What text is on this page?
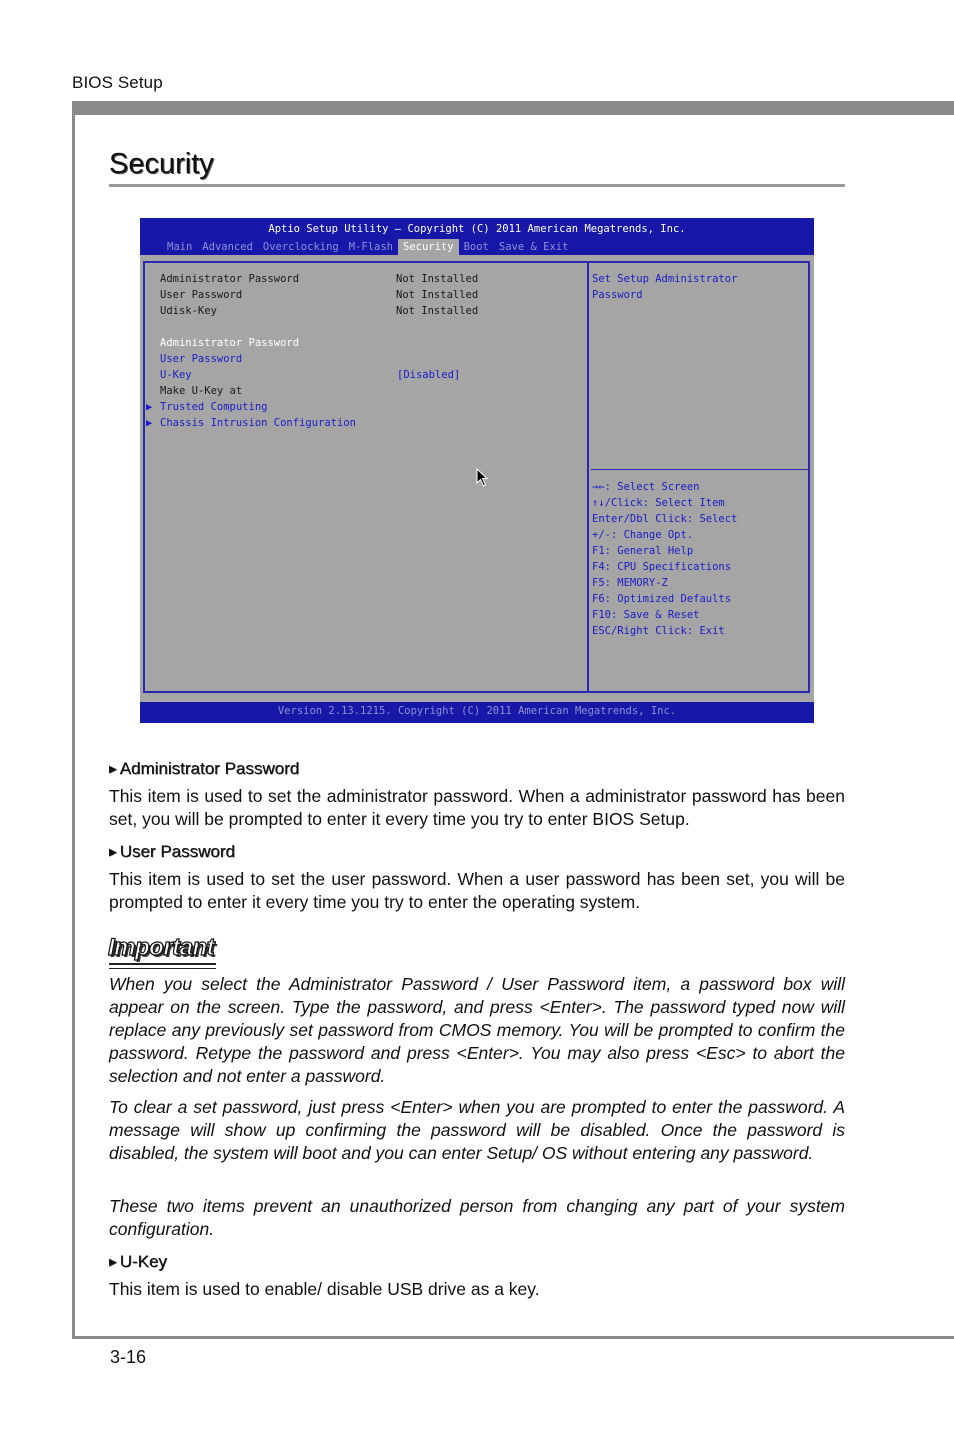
BIOS Setup
Security
Aptio Setup Utility – Copyright (C) 2011 American Megatrends, Inc.
Main Advanced Overclocking M-Flash Security Boot Save & Exit
Administrator Password	Not Installed
User Password	Not Installed
Udisk-Key	Not Installed
Administrator Password
User Password
U-Key	[Disabled]
Make U-Key at
▶ Trusted Computing
▶ Chassis Intrusion Configuration
Set Setup Administrator
Password
→←: Select Screen
↑↓/Click: Select Item
Enter/Dbl Click: Select
+/-: Change Opt.
F1: General Help
F4: CPU Specifications
F5: MEMORY-Z
F6: Optimized Defaults
F10: Save & Reset
ESC/Right Click: Exit
Version 2.13.1215. Copyright (C) 2011 American Megatrends, Inc.
▶ Administrator Password

This item is used to set the administrator password. When a administrator password has been set, you will be prompted to enter it every time you try to enter BIOS Setup.

▶ User Password

This item is used to set the user password. When a user password has been set, you will be prompted to enter it every time you try to enter the operating system.

Important

When you select the Administrator Password / User Password item, a password box will appear on the screen. Type the password, and press <Enter>. The password typed now will replace any previously set password from CMOS memory. You will be prompted to confirm the password. Retype the password and press <Enter>. You may also press <Esc> to abort the selection and not enter a password.

To clear a set password, just press <Enter> when you are prompted to enter the password. A message will show up confirming the password will be disabled. Once the password is disabled, the system will boot and you can enter Setup/ OS without entering any password.

These two items prevent an unauthorized person from changing any part of your system configuration.

▶ U-Key

This item is used to enable/ disable USB drive as a key.

3-16
